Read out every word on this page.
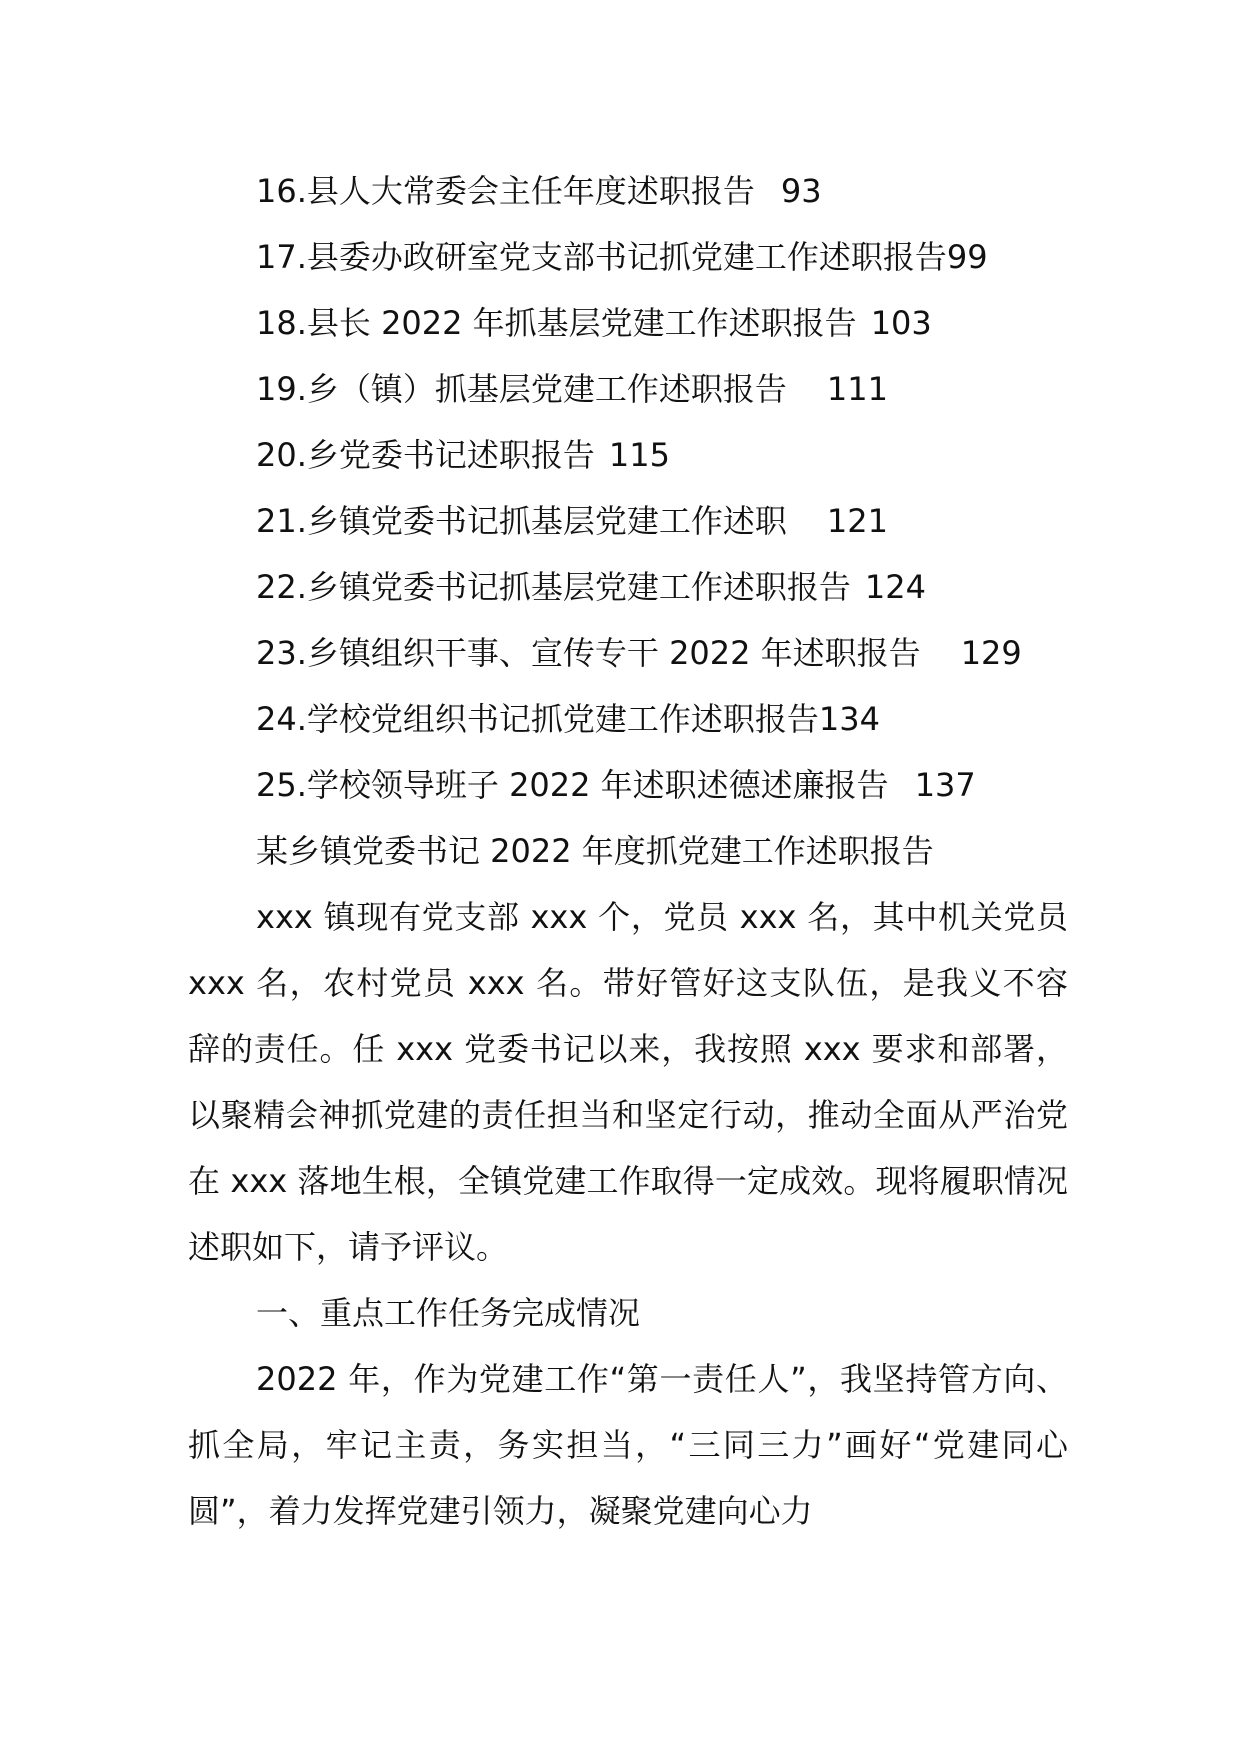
16.县人大常委会主任年度述职报告 93
17.县委办政研室党支部书记抓党建工作述职报告99
18.县长 2022 年抓基层党建工作述职报告 103
19.乡（镇）抓基层党建工作述职报告 111
20.乡党委书记述职报告 115
21.乡镇党委书记抓基层党建工作述职 121
22.乡镇党委书记抓基层党建工作述职报告 124
23.乡镇组织干事、宣传专干 2022 年述职报告 129
24.学校党组织书记抓党建工作述职报告134
25.学校领导班子 2022 年述职述德述廉报告 137
某乡镇党委书记 2022 年度抓党建工作述职报告

xxx 镇现有党支部 xxx 个，党员 xxx 名，其中机关党员 xxx 名，农村党员 xxx 名。带好管好这支队伍，是我义不容辞的责任。任 xxx 党委书记以来，我按照 xxx 要求和部署，以聚精会神抓党建的责任担当和坚定行动，推动全面从严治党在 xxx 落地生根，全镇党建工作取得一定成效。现将履职情况述职如下，请予评议。

一、重点工作任务完成情况

2022 年，作为党建工作“第一责任人”，我坚持管方向、抓全局，牢记主责，务实担当，“三同三力”画好“党建同心圆”，着力发挥党建引领力，凝聚党建向心力
